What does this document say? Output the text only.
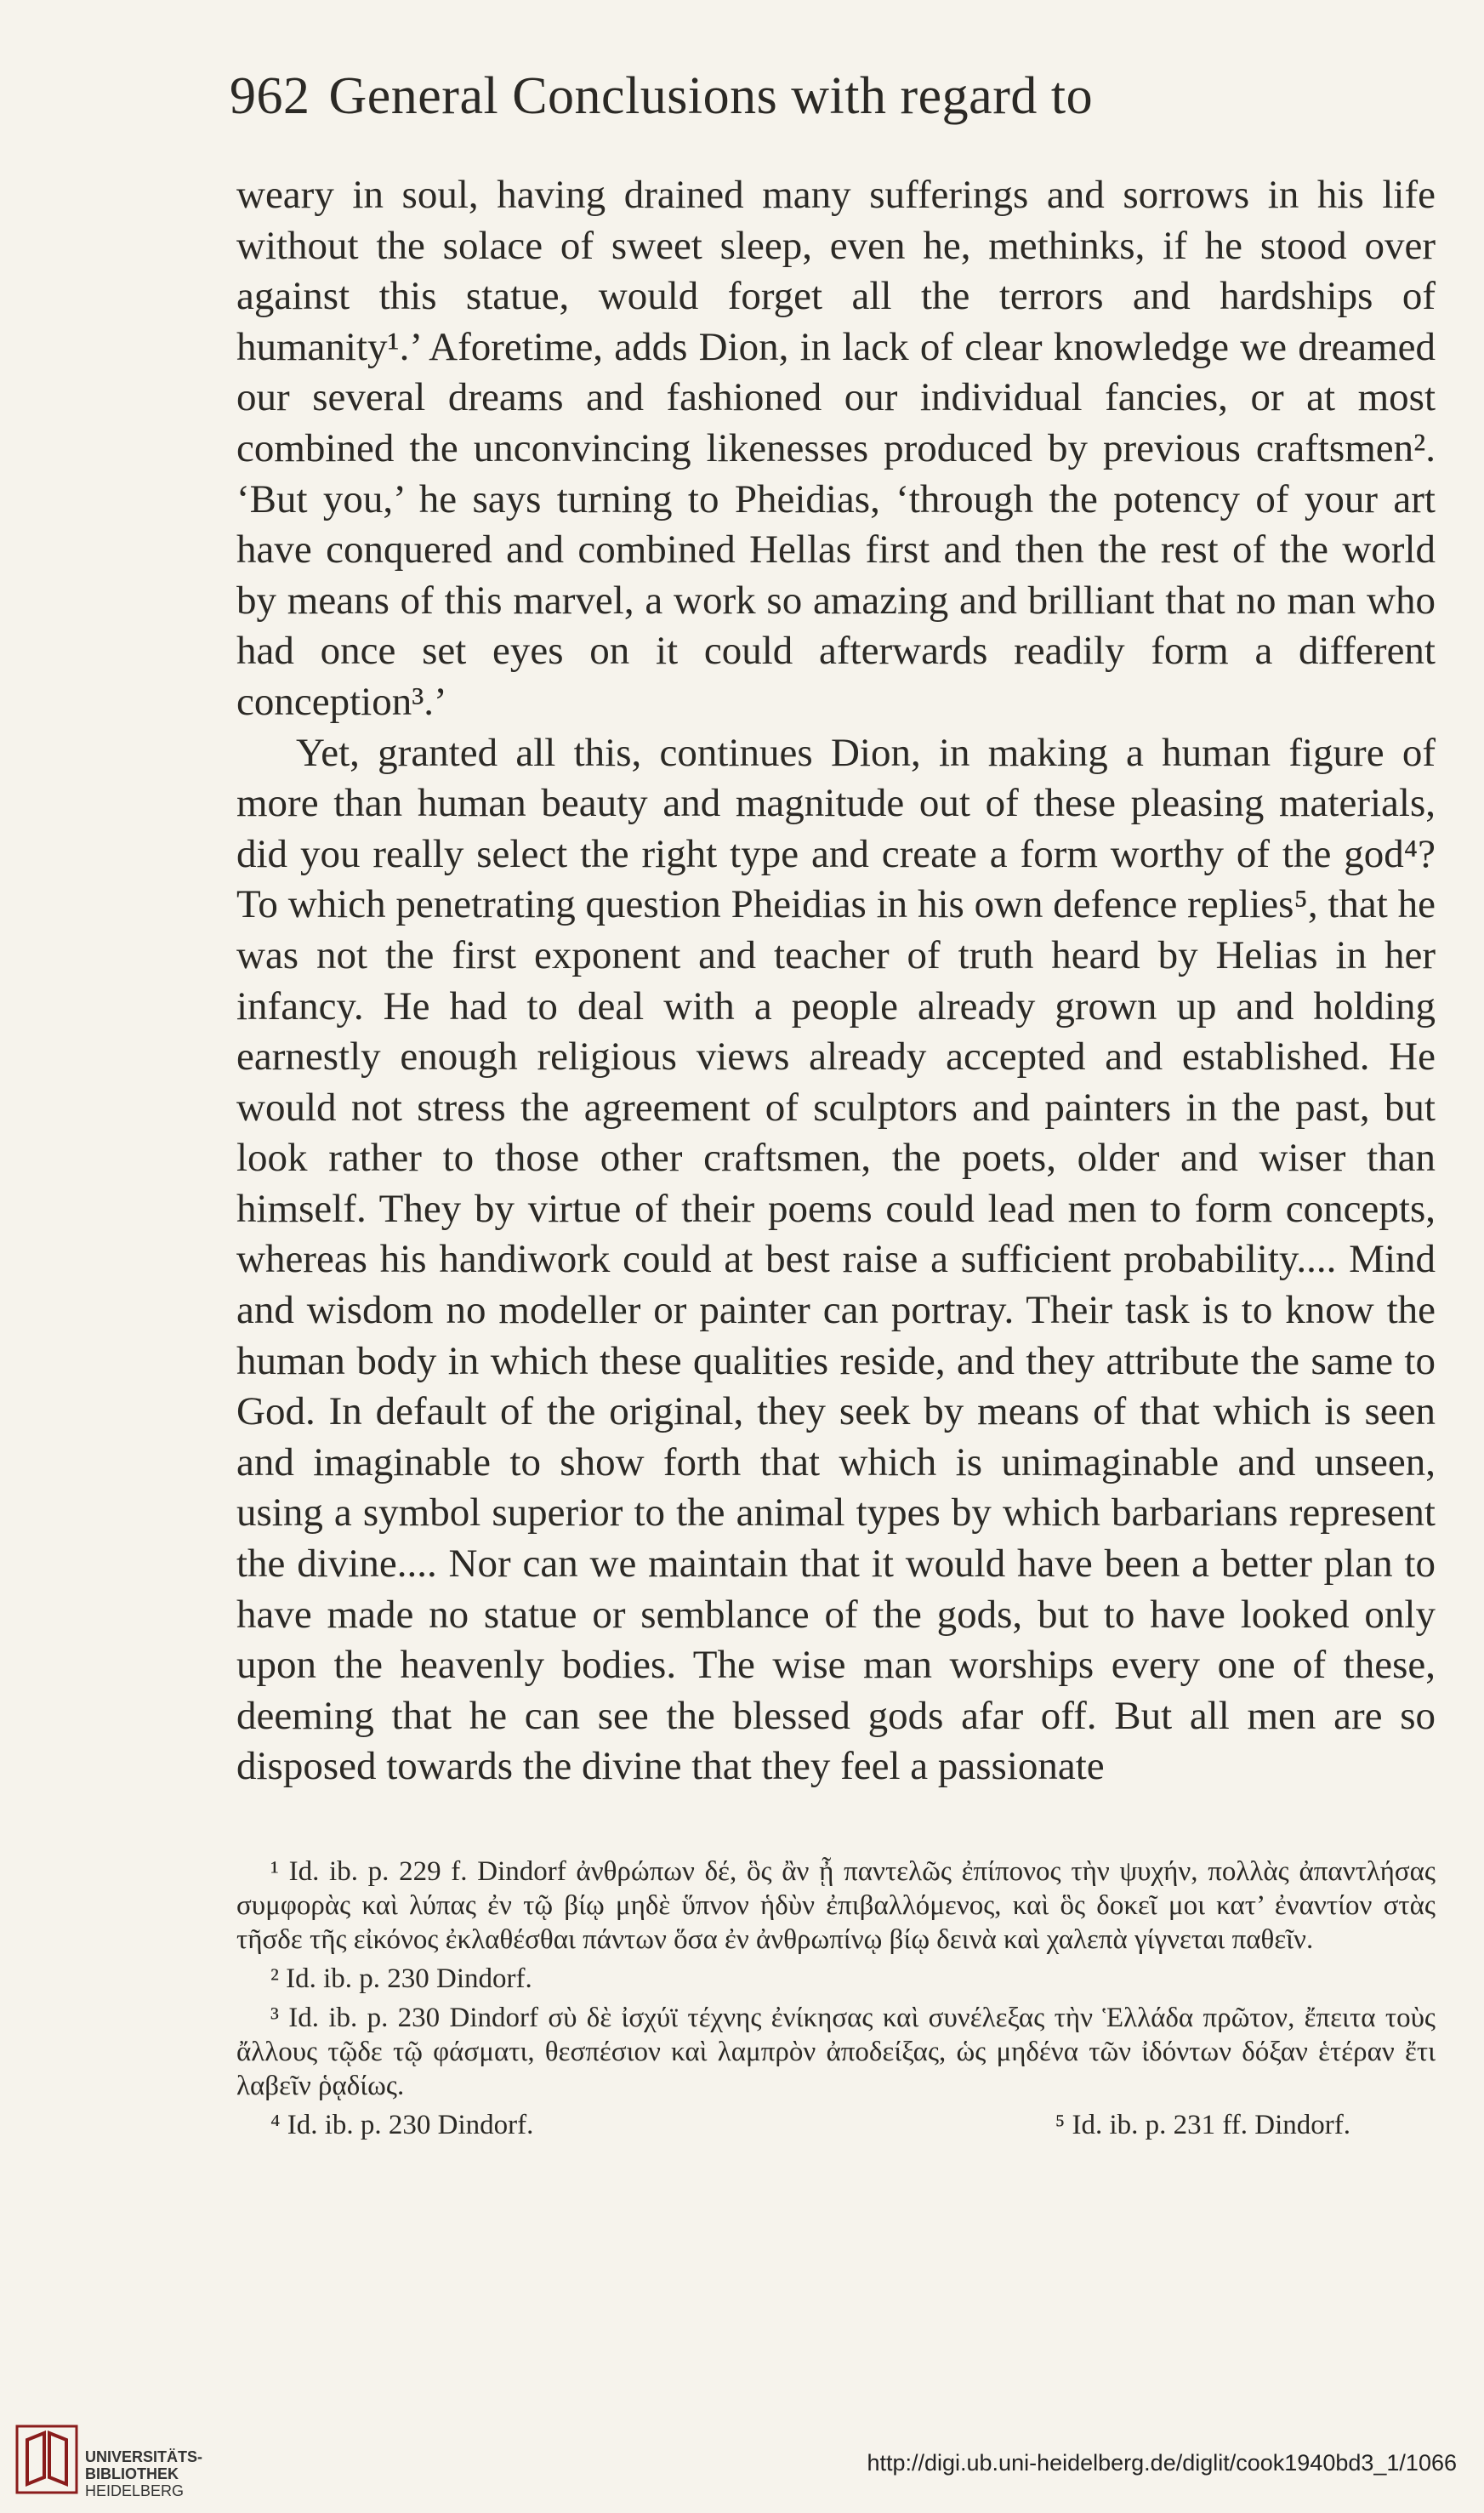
962 General Conclusions with regard to

weary in soul, having drained many sufferings and sorrows in his life without the solace of sweet sleep, even he, methinks, if he stood over against this statue, would forget all the terrors and hardships of humanity¹.’ Aforetime, adds Dion, in lack of clear knowledge we dreamed our several dreams and fashioned our individual fancies, or at most combined the unconvincing likenesses produced by previous craftsmen². ‘But you,’ he says turning to Pheidias, ‘through the potency of your art have conquered and combined Hellas first and then the rest of the world by means of this marvel, a work so amazing and brilliant that no man who had once set eyes on it could afterwards readily form a different conception³.’

Yet, granted all this, continues Dion, in making a human figure of more than human beauty and magnitude out of these pleasing materials, did you really select the right type and create a form worthy of the god⁴? To which penetrating question Pheidias in his own defence replies⁵, that he was not the first exponent and teacher of truth heard by Helias in her infancy. He had to deal with a people already grown up and holding earnestly enough religious views already accepted and established. He would not stress the agreement of sculptors and painters in the past, but look rather to those other craftsmen, the poets, older and wiser than himself. They by virtue of their poems could lead men to form concepts, whereas his handiwork could at best raise a sufficient probability.... Mind and wisdom no modeller or painter can portray. Their task is to know the human body in which these qualities reside, and they attribute the same to God. In default of the original, they seek by means of that which is seen and imaginable to show forth that which is unimaginable and unseen, using a symbol superior to the animal types by which barbarians represent the divine.... Nor can we maintain that it would have been a better plan to have made no statue or semblance of the gods, but to have looked only upon the heavenly bodies. The wise man worships every one of these, deeming that he can see the blessed gods afar off. But all men are so disposed towards the divine that they feel a passionate

¹ Id. ib. p. 229 f. Dindorf ἀνθρώπων δέ, ὃς ἂν ᾖ παντελῶς ἐπίπονος τὴν ψυχήν, πολλὰς ἀπαντλήσας συμφορὰς καὶ λύπας ἐν τῷ βίῳ μηδὲ ὕπνον ἡδὺν ἐπιβαλλόμενος, καὶ ὃς δοκεῖ μοι κατ’ ἐναντίον στὰς τῆσδε τῆς εἰκόνος ἐκλαθέσθαι πάντων ὅσα ἐν ἀνθρωπίνῳ βίῳ δεινὰ καὶ χαλεπὰ γίγνεται παθεῖν.

² Id. ib. p. 230 Dindorf.

³ Id. ib. p. 230 Dindorf σὺ δὲ ἰσχύϊ τέχνης ἐνίκησας καὶ συνέλεξας τὴν Ἑλλάδα πρῶτον, ἔπειτα τοὺς ἄλλους τῷδε τῷ φάσματι, θεσπέσιον καὶ λαμπρὸν ἀποδείξας, ὡς μηδένα τῶν ἰδόντων δόξαν ἑτέραν ἔτι λαβεῖν ῥᾳδίως.

⁴ Id. ib. p. 230 Dindorf.	⁵ Id. ib. p. 231 ff. Dindorf.
UNIVERSITÄTS-
BIBLIOTHEK
HEIDELBERG
http://digi.ub.uni-heidelberg.de/diglit/cook1940bd3_1/1066
